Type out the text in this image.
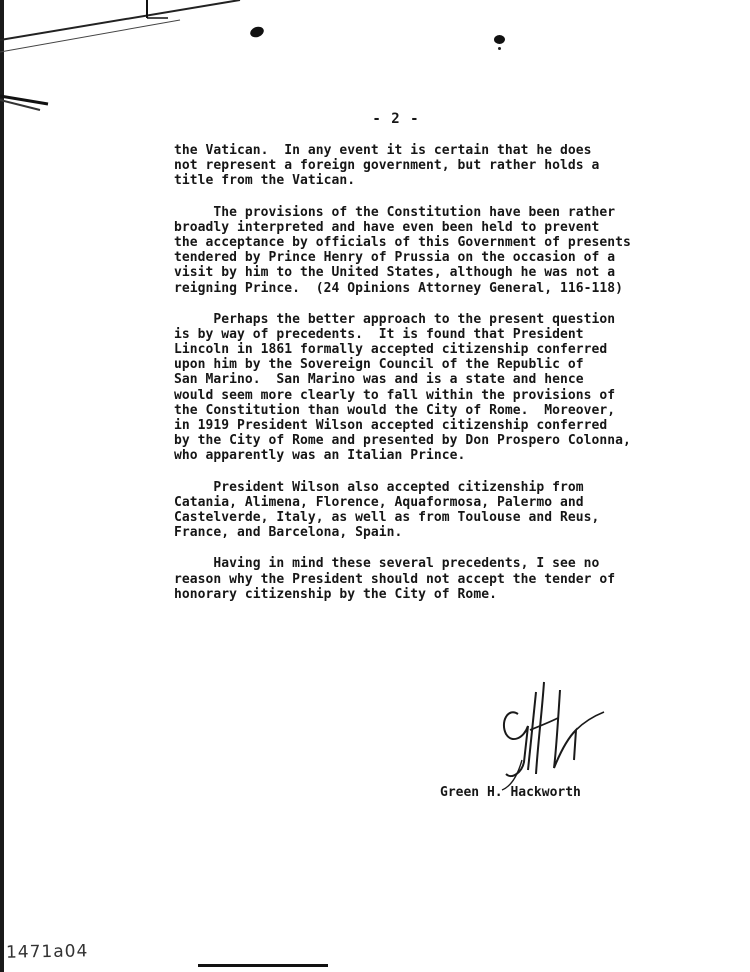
- 2 -
the Vatican.  In any event it is certain that he does
not represent a foreign government, but rather holds a
title from the Vatican.
The provisions of the Constitution have been rather
broadly interpreted and have even been held to prevent
the acceptance by officials of this Government of presents
tendered by Prince Henry of Prussia on the occasion of a
visit by him to the United States, although he was not a
reigning Prince.  (24 Opinions Attorney General, 116-118)
Perhaps the better approach to the present question
is by way of precedents.  It is found that President
Lincoln in 1861 formally accepted citizenship conferred
upon him by the Sovereign Council of the Republic of
San Marino.  San Marino was and is a state and hence
would seem more clearly to fall within the provisions of
the Constitution than would the City of Rome.  Moreover,
in 1919 President Wilson accepted citizenship conferred
by the City of Rome and presented by Don Prospero Colonna,
who apparently was an Italian Prince.
President Wilson also accepted citizenship from
Catania, Alimena, Florence, Aquaformosa, Palermo and
Castelverde, Italy, as well as from Toulouse and Reus,
France, and Barcelona, Spain.
Having in mind these several precedents, I see no
reason why the President should not accept the tender of
honorary citizenship by the City of Rome.
Green H. Hackworth
1471a04
